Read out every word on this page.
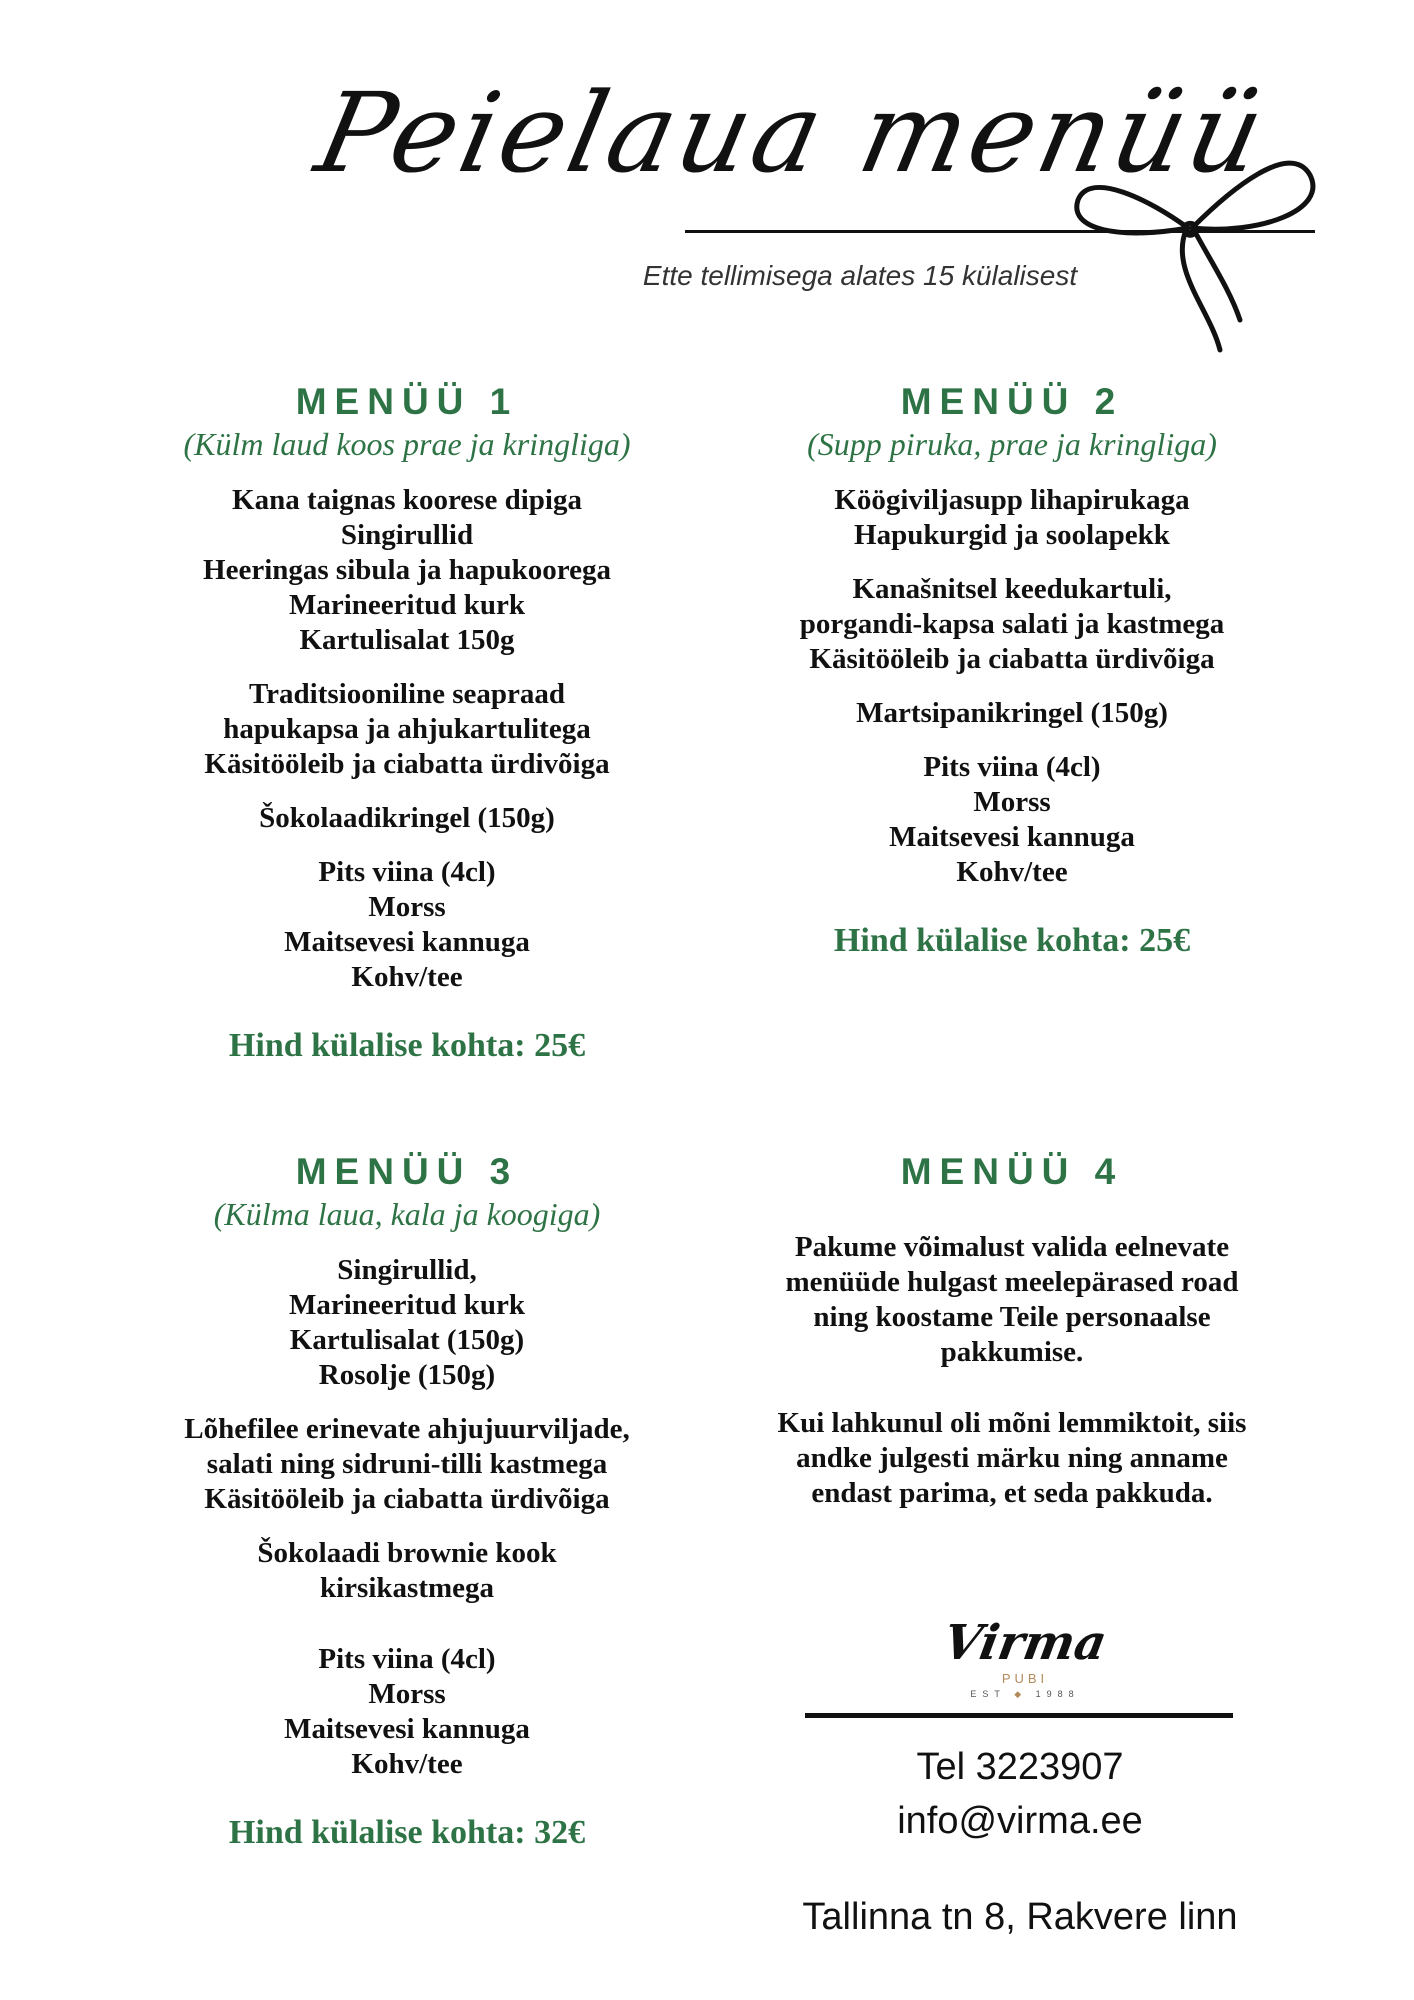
Peielaua menüü
Ette tellimisega alates 15 külalisest
MENÜÜ 1
(Külm laud koos prae ja kringliga)
Kana taignas koorese dipiga
Singirullid
Heeringas sibula ja hapukoorega
Marineeritud kurk
Kartulisalat 150g
Traditsiooniline seapraad
hapukapsa ja ahjukartulitega
Käsitööleib ja ciabatta ürdivõiga
Šokolaadikringel (150g)
Pits viina (4cl)
Morss
Maitsevesi kannuga
Kohv/tee
Hind külalise kohta: 25€
MENÜÜ 2
(Supp piruka, prae ja kringliga)
Köögiviljasupp lihapirukaga
Hapukurgid ja soolapekk
Kanašnitsel keedukartuli,
porgandi-kapsa salati ja kastmega
Käsitööleib ja ciabatta ürdivõiga
Martsipanikringel (150g)
Pits viina (4cl)
Morss
Maitsevesi kannuga
Kohv/tee
Hind külalise kohta: 25€
MENÜÜ 3
(Külma laua, kala ja koogiga)
Singirullid,
Marineeritud kurk
Kartulisalat (150g)
Rosolje (150g)
Lõhefilee erinevate ahjujuurviljade,
salati ning sidruni-tilli kastmega
Käsitööleib ja ciabatta ürdivõiga
Šokolaadi brownie kook
kirsikastmega
Pits viina (4cl)
Morss
Maitsevesi kannuga
Kohv/tee
Hind külalise kohta: 32€
MENÜÜ 4
Pakume võimalust valida eelnevate
menüüde hulgast meelepärased road
ning koostame Teile personaalse
pakkumise.
Kui lahkunul oli mõni lemmiktoit, siis
andke julgesti märku ning anname
endast parima, et seda pakkuda.
Virma
PUBI
EST ◆ 1988
Tel 3223907
info@virma.ee
Tallinna tn 8, Rakvere linn
